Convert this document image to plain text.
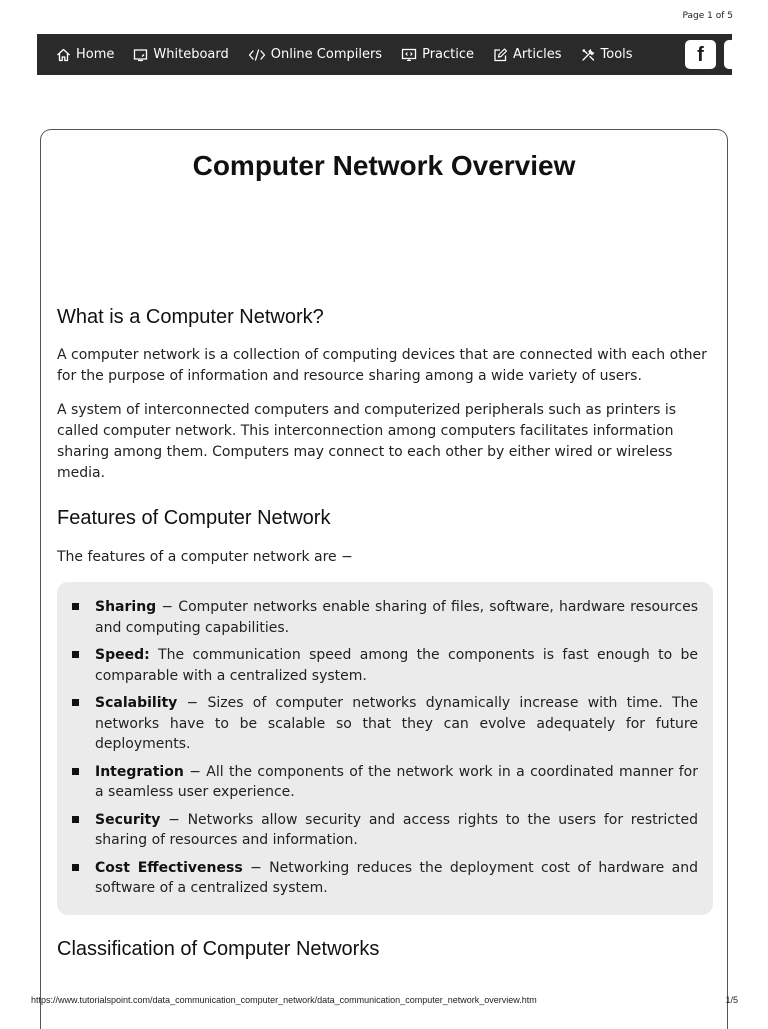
Page 1 of 5
Home	Whiteboard	Online Compilers	Practice	Articles	Tools	f
Computer Network Overview
What is a Computer Network?

A computer network is a collection of computing devices that are connected with each other for the purpose of information and resource sharing among a wide variety of users.

A system of interconnected computers and computerized peripherals such as printers is called computer network. This interconnection among computers facilitates information sharing among them. Computers may connect to each other by either wired or wireless media.

Features of Computer Network

The features of a computer network are −

Sharing − Computer networks enable sharing of files, software, hardware resources and computing capabilities.
Speed: The communication speed among the components is fast enough to be comparable with a centralized system.
Scalability − Sizes of computer networks dynamically increase with time. The networks have to be scalable so that they can evolve adequately for future deployments.
Integration − All the components of the network work in a coordinated manner for a seamless user experience.
Security − Networks allow security and access rights to the users for restricted sharing of resources and information.
Cost Effectiveness − Networking reduces the deployment cost of hardware and software of a centralized system.
Classification of Computer Networks
https://www.tutorialspoint.com/data_communication_computer_network/data_communication_computer_network_overview.htm	1/5
